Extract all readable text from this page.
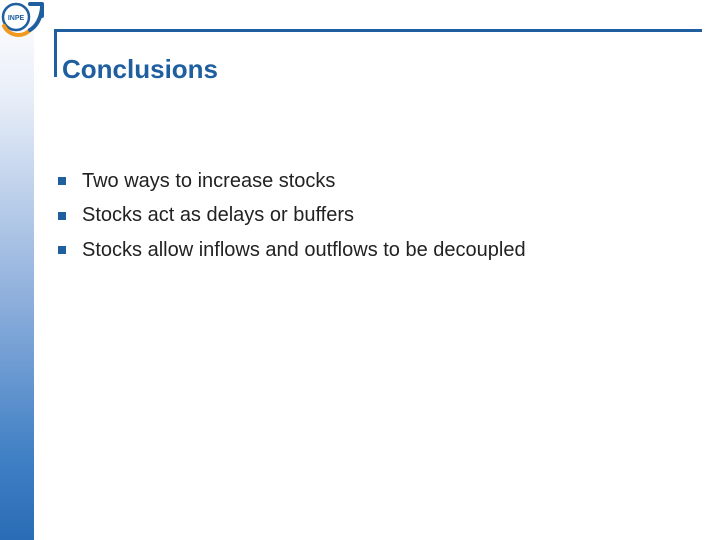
INPE
Conclusions
Two ways to increase stocks
Stocks act as delays or buffers
Stocks allow inflows and outflows to be decoupled
